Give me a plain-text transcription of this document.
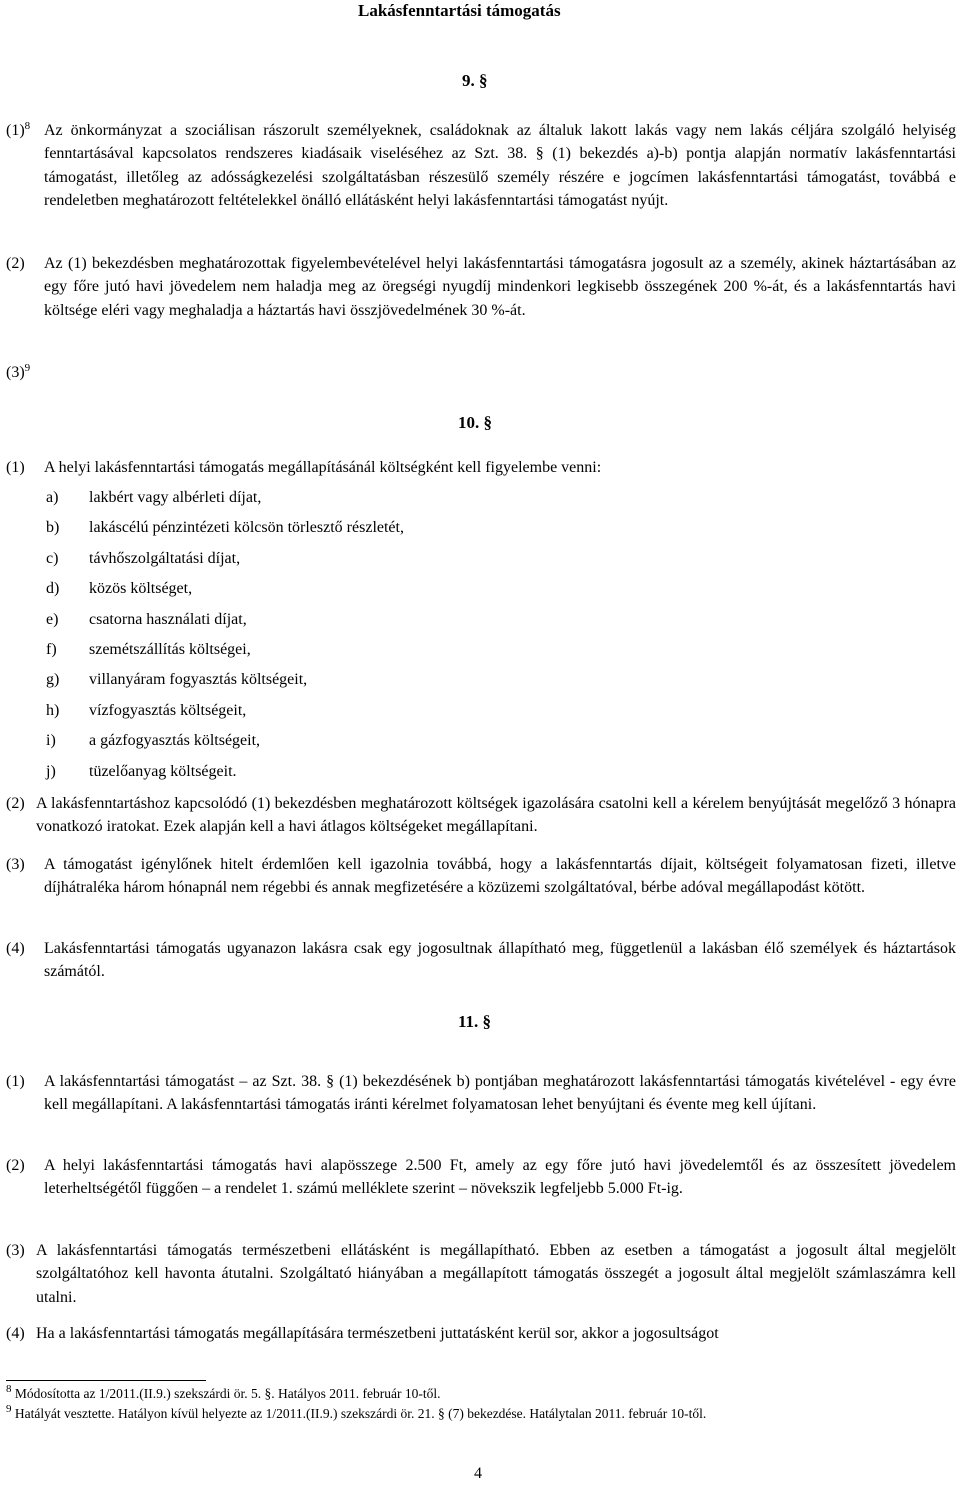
Lakásfenntartási támogatás
9. §
$(1)^8$ Az önkormányzat a szociálisan rászorult személyeknek, családoknak az általuk lakott lakás vagy nem lakás céljára szolgáló helyiség fenntartásával kapcsolatos rendszeres kiadásaik viseléséhez az Szt. 38. § (1) bekezdés a)-b) pontja alapján normatív lakásfenntartási támogatást, illetőleg az adósságkezelési szolgáltatásban részesülő személy részére e jogcímen lakásfenntartási támogatást, továbbá e rendeletben meghatározott feltételekkel önálló ellátásként helyi lakásfenntartási támogatást nyújt.
(2)	Az (1) bekezdésben meghatározottak figyelembevételével helyi lakásfenntartási támogatásra jogosult az a személy, akinek háztartásában az egy főre jutó havi jövedelem nem haladja meg az öregségi nyugdíj mindenkori legkisebb összegének 200 %-át, és a lakásfenntartás havi költsége eléri vagy meghaladja a háztartás havi összjövedelmének 30 %-át.
$(3)^9$
10. §
(1)	A helyi lakásfenntartási támogatás megállapításánál költségként kell figyelembe venni:
a) lakbért vagy albérleti díjat,
b) lakáscélú pénzintézeti kölcsön törlesztő részletét,
c) távhőszolgáltatási díjat,
d) közös költséget,
e) csatorna használati díjat,
f) szemétszállítás költségei,
g) villanyáram fogyasztás költségeit,
h) vízfogyasztás költségeit,
i) a gázfogyasztás költségeit,
j) tüzelőanyag költségeit.
(2) A lakásfenntartáshoz kapcsolódó (1) bekezdésben meghatározott költségek igazolására csatolni kell a kérelem benyújtását megelőző 3 hónapra vonatkozó iratokat. Ezek alapján kell a havi átlagos költségeket megállapítani.
(3)	A támogatást igénylőnek hitelt érdemlően kell igazolnia továbbá, hogy a lakásfenntartás díjait, költségeit folyamatosan fizeti, illetve díjhátraléka három hónapnál nem régebbi és annak megfizetésére a közüzemi szolgáltatóval, bérbe adóval megállapodást kötött.
(4)	Lakásfenntartási támogatás ugyanazon lakásra csak egy jogosultnak állapítható meg, függetlenül a lakásban élő személyek és háztartások számától.
11. §
(1)	A lakásfenntartási támogatást – az Szt. 38. § (1) bekezdésének b) pontjában meghatározott lakásfenntartási támogatás kivételével - egy évre kell megállapítani. A lakásfenntartási támogatás iránti kérelmet folyamatosan lehet benyújtani és évente meg kell újítani.
(2)	A helyi lakásfenntartási támogatás havi alapösszege 2.500 Ft, amely az egy főre jutó havi jövedelemtől és az összesített jövedelem leterheltségétől függően – a rendelet 1. számú melléklete szerint – növekszik legfeljebb 5.000 Ft-ig.
(3) A lakásfenntartási támogatás természetbeni ellátásként is megállapítható. Ebben az esetben a támogatást a jogosult által megjelölt szolgáltatóhoz kell havonta átutalni. Szolgáltató hiányában a megállapított támogatás összegét a jogosult által megjelölt számlaszámra kell utalni.
(4) Ha a lakásfenntartási támogatás megállapítására természetbeni juttatásként kerül sor, akkor a jogosultságot
$^8$ Módosította az 1/2011.(II.9.) szekszárdi ör. 5. §. Hatályos 2011. február 10-től.
$^9$ Hatályát vesztette. Hatályon kívül helyezte az 1/2011.(II.9.) szekszárdi ör. 21. § (7) bekezdése. Hatálytalan 2011. február 10-től.
4
